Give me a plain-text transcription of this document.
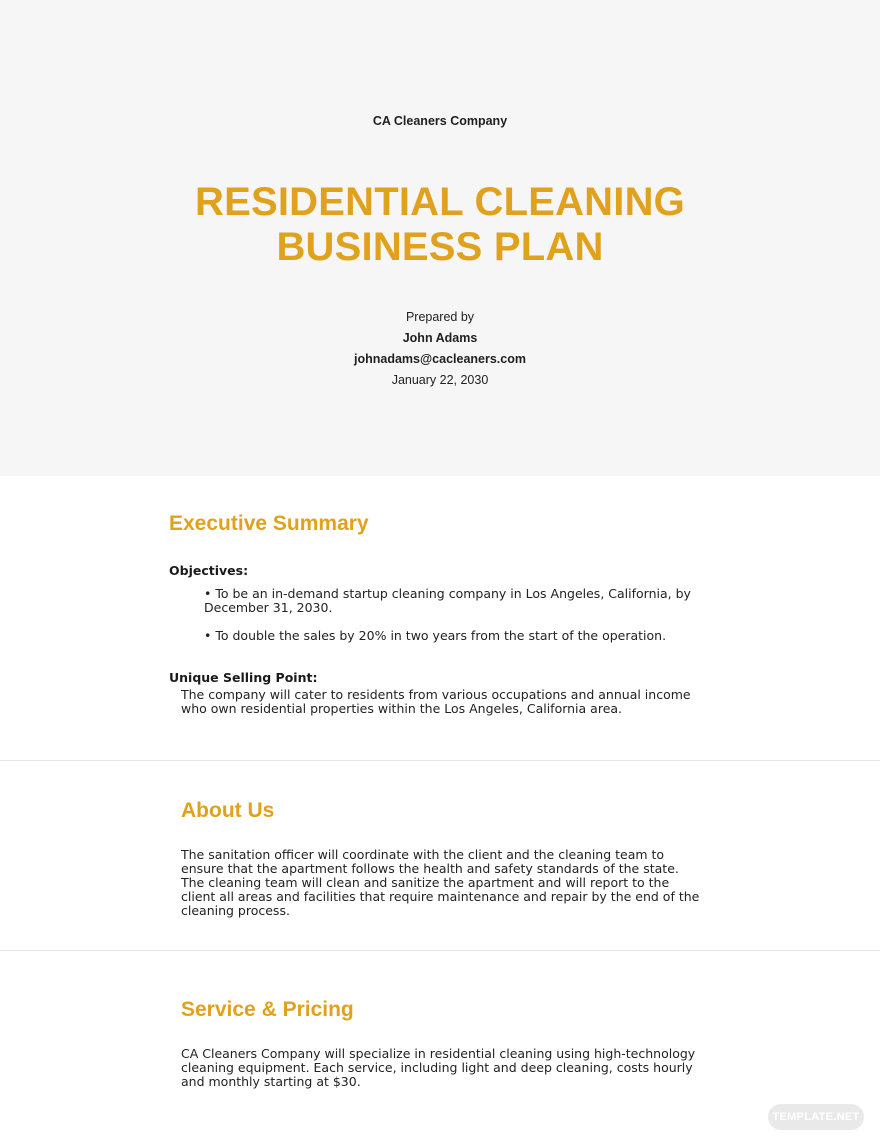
CA Cleaners Company
RESIDENTIAL CLEANING
BUSINESS PLAN
Prepared by
John Adams
johnadams@cacleaners.com
January 22, 2030
Executive Summary
Objectives:

• To be an in-demand startup cleaning company in Los Angeles, California, by December 31, 2030.

• To double the sales by 20% in two years from the start of the operation.

Unique Selling Point:

The company will cater to residents from various occupations and annual income who own residential properties within the Los Angeles, California area.

About Us

The sanitation officer will coordinate with the client and the cleaning team to ensure that the apartment follows the health and safety standards of the state. The cleaning team will clean and sanitize the apartment and will report to the client all areas and facilities that require maintenance and repair by the end of the cleaning process.

Service & Pricing

CA Cleaners Company will specialize in residential cleaning using high-technology cleaning equipment. Each service, including light and deep cleaning, costs hourly and monthly starting at $30.

TEMPLATE.NET
